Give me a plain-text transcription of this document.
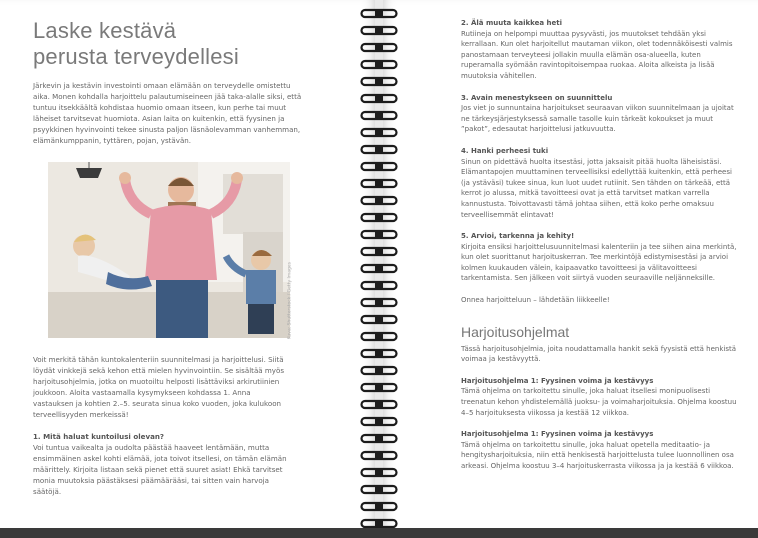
Laske kestävä
perusta terveydellesi
Järkevin ja kestävin investointi omaan elämään on terveydelle omistettu aika. Monen kohdalla harjoittelu palautumiseineen jää taka-alalle siksi, että tuntuu itsekkäältä kohdistaa huomio omaan itseen, kun perhe tai muut läheiset tarvitsevat huomiota. Asian laita on kuitenkin, että fyysinen ja psyykkinen hyvinvointi tekee sinusta paljon läsnäolevamman vanhemman, elämänkumppanin, tyttären, pojan, ystävän.
Kuva: Shutterstock / Getty Images
Voit merkitä tähän kuntokalenteriin suunnitelmasi ja harjoittelusi. Siitä löydät vinkkejä sekä kehon että mielen hyvinvointiin. Se sisältää myös harjoitusohjelmia, jotka on muotoiltu helposti lisättäviksi arkirutiinien joukkoon. Aloita vastaamalla kysymykseen kohdassa 1. Anna vastauksen ja kohtien 2.–5. seurata sinua koko vuoden, joka kulukoon terveellisyyden merkeissä!
1. Mitä haluat kuntoilusi olevan?
Voi tuntua vaikealta ja oudolta päästää haaveet lentämään, mutta ensimmäinen askel kohti elämää, jota toivot itsellesi, on tämän elämän määrittely. Kirjoita listaan sekä pienet että suuret asiat! Ehkä tarvitset monia muutoksia päästäksesi päämäärääsi, tai sitten vain harvoja säätöjä.
2. Älä muuta kaikkea heti
Rutiineja on helpompi muuttaa pysyvästi, jos muutokset tehdään yksi kerrallaan. Kun olet harjoitellut mautaman viikon, olet todennäköisesti valmis panostamaan terveyteesi jollakin muulla elämän osa-alueella, kuten ruperamalla syömään ravintopitoisempaa ruokaa. Aloita alkeista ja lisää muutoksia vähitellen.
3. Avain menestykseen on suunnittelu
Jos viet jo sunnuntaina harjoitukset seuraavan viikon suunnitelmaan ja ujoitat ne tärkeysjärjestyksessä samalle tasolle kuin tärkeät kokoukset ja muut ”pakot”, edesautat harjoittelusi jatkuvuutta.
4. Hanki perheesi tuki
Sinun on pidettävä huolta itsestäsi, jotta jaksaisit pitää huolta läheisistäsi. Elämantapojen muuttaminen terveellisiksi edellyttää kuitenkin, että perheesi (ja ystäväsi) tukee sinua, kun luot uudet rutiinit. Sen tähden on tärkeää, että kerrot jo alussa, mitkä tavoitteesi ovat ja että tarvitset matkan varrella kannustusta. Toivottavasti tämä johtaa siihen, että koko perhe omaksuu terveellisemmät elintavat!
5. Arvioi, tarkenna ja kehity!
Kirjoita ensiksi harjoittelusuunnitelmasi kalenteriin ja tee siihen aina merkintä, kun olet suorittanut harjoituskerran. Tee merkintöjä edistymisestäsi ja arvioi kolmen kuukauden välein, kaipaavatko tavoitteesi ja välitavoitteesi tarkentamista. Sen jälkeen voit siirtyä vuoden seuraaville neljänneksille.
Onnea harjoitteluun – lähdetään liikkeelle!
Harjoitusohjelmat
Tässä harjoitusohjelmia, joita noudattamalla hankit sekä fyysistä että henkistä voimaa ja kestävyyttä.
Harjoitusohjelma 1: Fyysinen voima ja kestävyys
Tämä ohjelma on tarkoitettu sinulle, joka haluat itsellesi monipuolisesti treenatun kehon yhdistelemällä juoksu- ja voimaharjoituksia. Ohjelma koostuu 4–5 harjoituksesta viikossa ja kestää 12 viikkoa.
Harjoitusohjelma 1: Fyysinen voima ja kestävyys
Tämä ohjelma on tarkoitettu sinulle, joka haluat opetella meditaatio- ja hengitysharjoituksia, niin että henkisestä harjoittelusta tulee luonnollinen osa arkeasi. Ohjelma koostuu 3–4 harjoituskerrasta viikossa ja ja kestää 6 viikkoa.
